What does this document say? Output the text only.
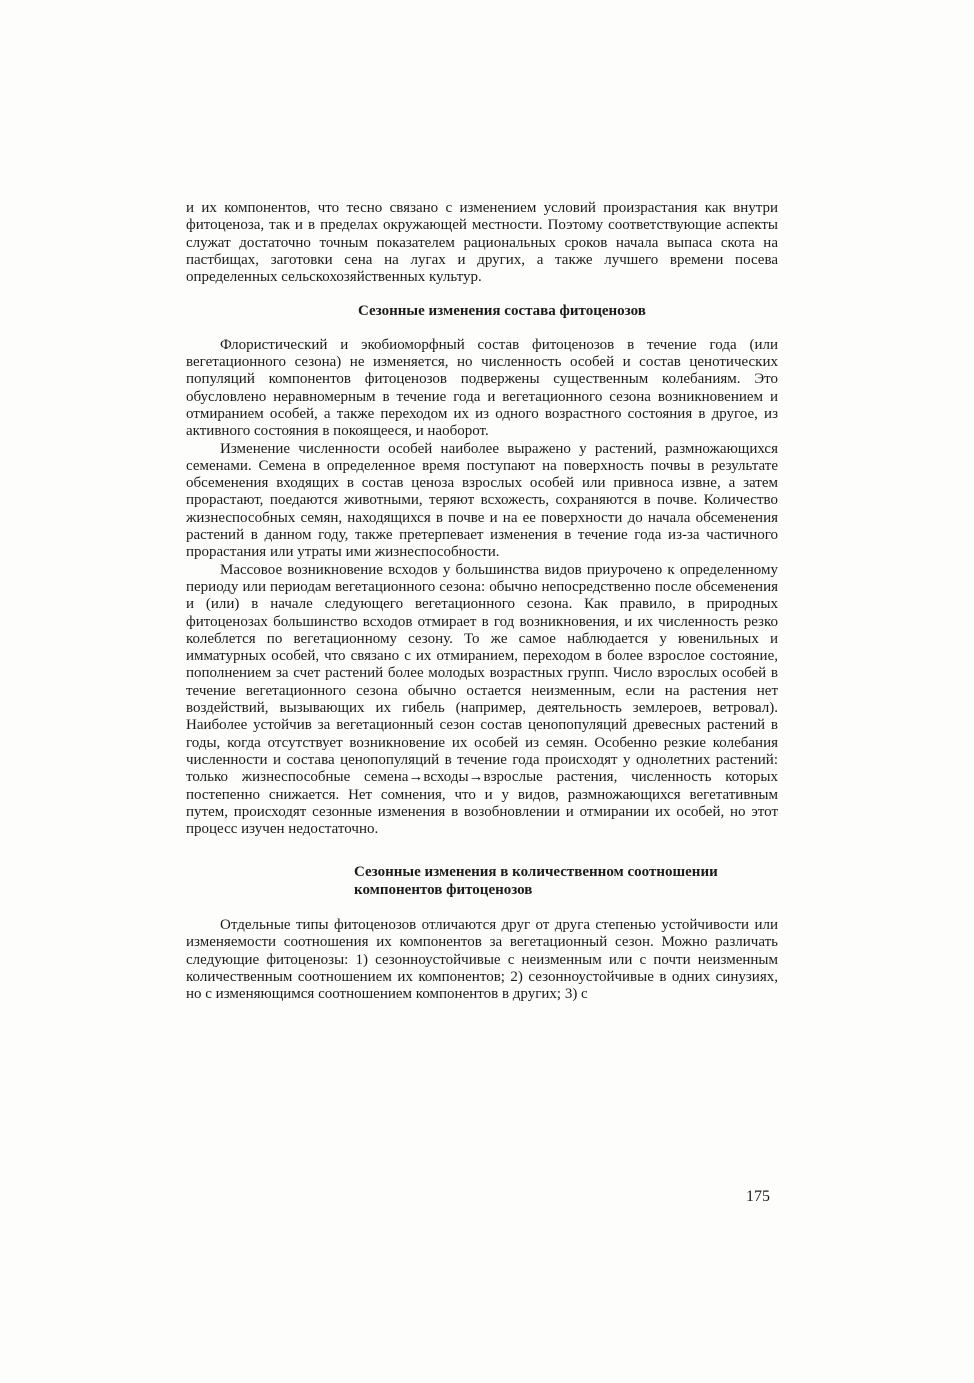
и их компонентов, что тесно связано с изменением условий произрастания как внутри фитоценоза, так и в пределах окружающей местности. Поэтому соответствующие аспекты служат достаточно точным показателем рациональных сроков начала выпаса скота на пастбищах, заготовки сена на лугах и других, а также лучшего времени посева определенных сельскохозяйственных культур.

Сезонные изменения состава фитоценозов

Флористический и экобиоморфный состав фитоценозов в течение года (или вегетационного сезона) не изменяется, но численность особей и состав ценотических популяций компонентов фитоценозов подвержены существенным колебаниям. Это обусловлено неравномерным в течение года и вегетационного сезона возникновением и отмиранием особей, а также переходом их из одного возрастного состояния в другое, из активного состояния в покоящееся, и наоборот.

Изменение численности особей наиболее выражено у растений, размножающихся семенами. Семена в определенное время поступают на поверхность почвы в результате обсеменения входящих в состав ценоза взрослых особей или привноса извне, а затем прорастают, поедаются животными, теряют всхожесть, сохраняются в почве. Количество жизнеспособных семян, находящихся в почве и на ее поверхности до начала обсеменения растений в данном году, также претерпевает изменения в течение года из-за частичного прорастания или утраты ими жизнеспособности.

Массовое возникновение всходов у большинства видов приурочено к определенному периоду или периодам вегетационного сезона: обычно непосредственно после обсеменения и (или) в начале следующего вегетационного сезона. Как правило, в природных фитоценозах большинство всходов отмирает в год возникновения, и их численность резко колеблется по вегетационному сезону. То же самое наблюдается у ювенильных и имматурных особей, что связано с их отмиранием, переходом в более взрослое состояние, пополнением за счет растений более молодых возрастных групп. Число взрослых особей в течение вегетационного сезона обычно остается неизменным, если на растения нет воздействий, вызывающих их гибель (например, деятельность землероев, ветровал). Наиболее устойчив за вегетационный сезон состав ценопопуляций древесных растений в годы, когда отсутствует возникновение их особей из семян. Особенно резкие колебания численности и состава ценопопуляций в течение года происходят у однолетних растений: только жизнеспособные семена→всходы→взрослые растения, численность которых постепенно снижается. Нет сомнения, что и у видов, размножающихся вегетативным путем, происходят сезонные изменения в возобновлении и отмирании их особей, но этот процесс изучен недостаточно.

Сезонные изменения в количественном соотношении
компонентов фитоценозов

Отдельные типы фитоценозов отличаются друг от друга степенью устойчивости или изменяемости соотношения их компонентов за вегетационный сезон. Можно различать следующие фитоценозы: 1) сезонноустойчивые с неизменным или с почти неизменным количественным соотношением их компонентов; 2) сезонноустойчивые в одних синузиях, но с изменяющимся соотношением компонентов в других; 3) с

175
